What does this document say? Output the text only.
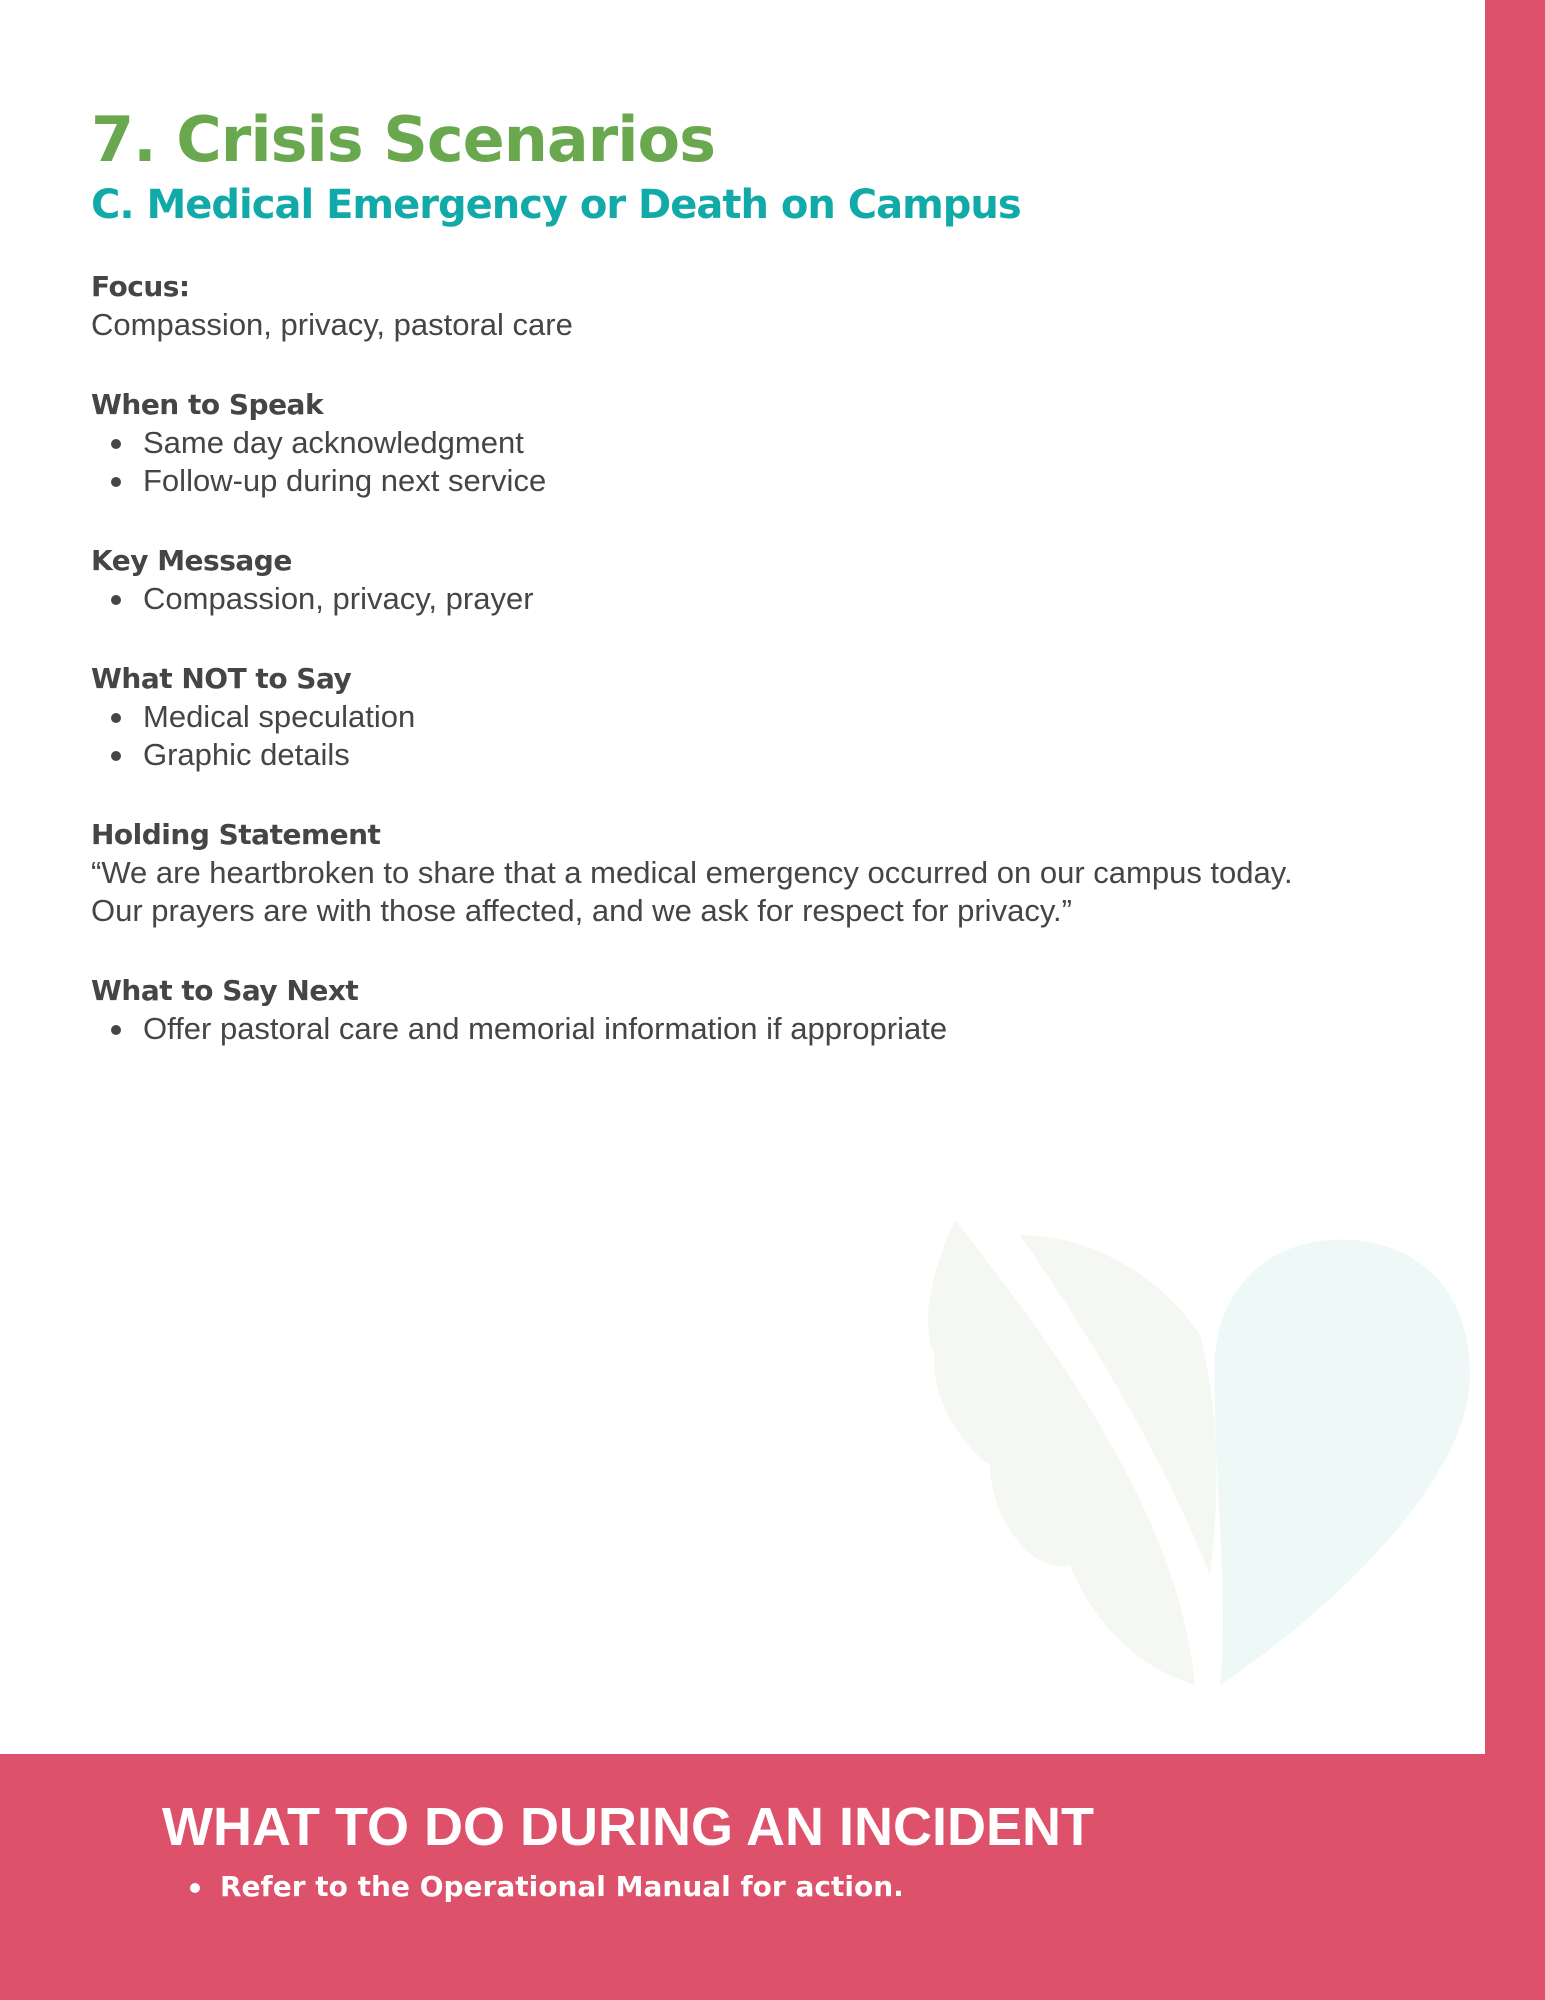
7. Crisis Scenarios
C. Medical Emergency or Death on Campus

Focus:

Compassion, privacy, pastoral care

When to Speak

Same day acknowledgment
Follow-up during next service

Key Message

Compassion, privacy, prayer

What NOT to Say

Medical speculation
Graphic details

Holding Statement

“We are heartbroken to share that a medical emergency occurred on our campus today.

Our prayers are with those affected, and we ask for respect for privacy.”

What to Say Next

Offer pastoral care and memorial information if appropriate
WHAT TO DO DURING AN INCIDENT
Refer to the Operational Manual for action.
